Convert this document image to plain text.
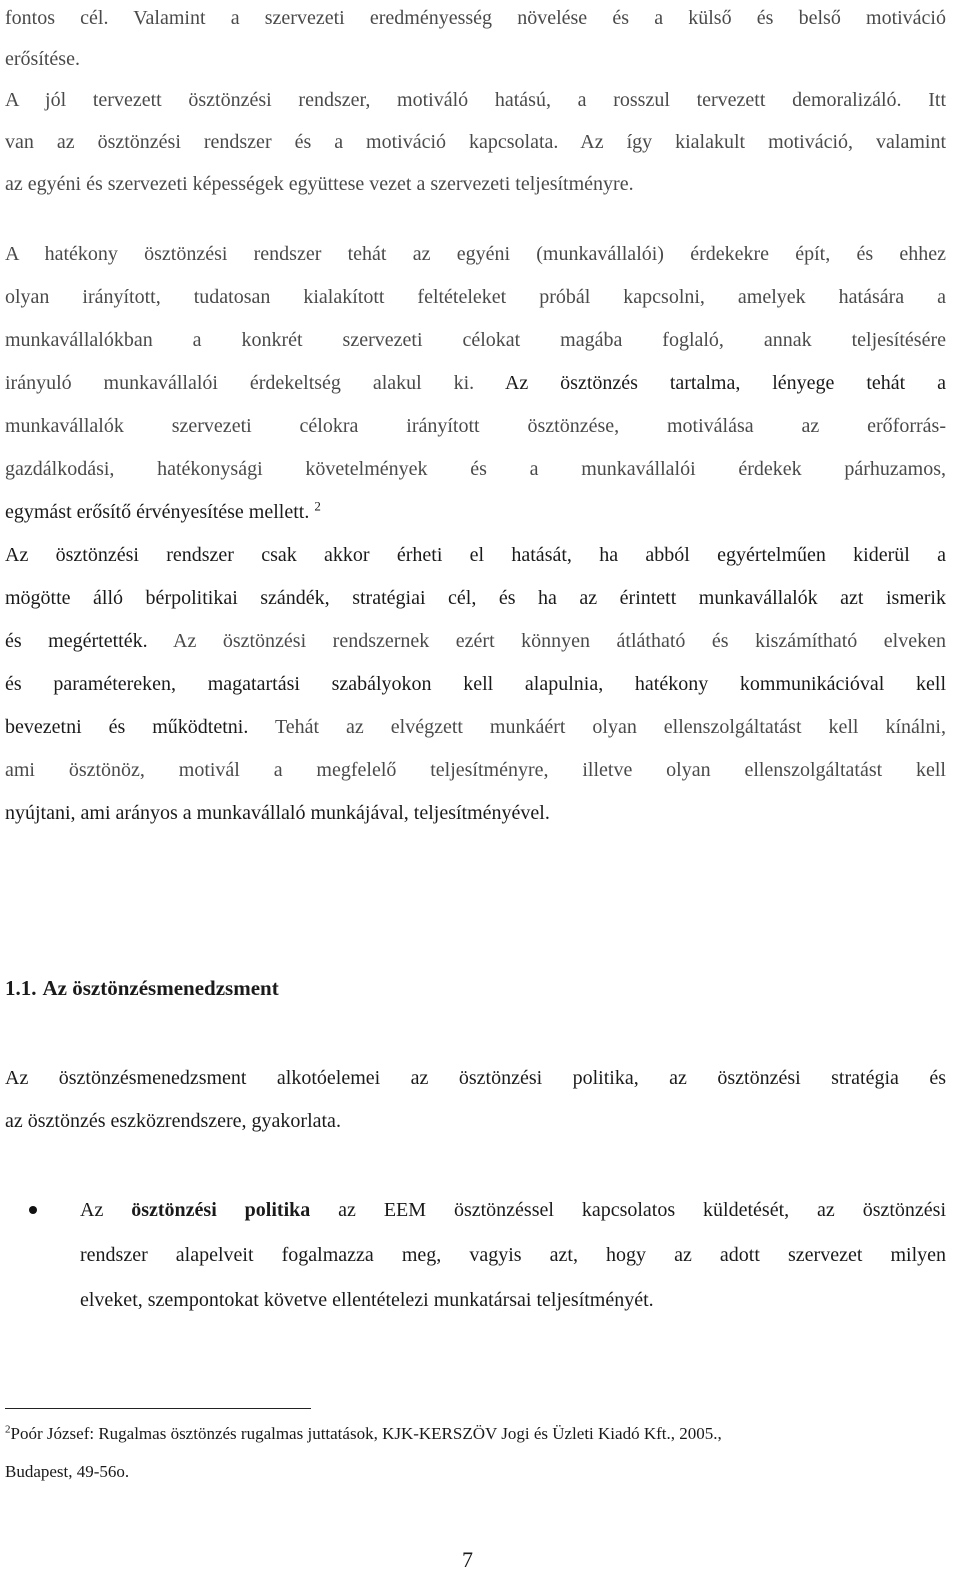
fontos cél. Valamint a szervezeti eredményesség növelése és a külső és belső motiváció
erősítése.
A jól tervezett ösztönzési rendszer, motiváló hatású, a rosszul tervezett demoralizáló. Itt
van az ösztönzési rendszer és a motiváció kapcsolata. Az így kialakult motiváció, valamint
az egyéni és szervezeti képességek együttese vezet a szervezeti teljesítményre.
A hatékony ösztönzési rendszer tehát az egyéni (munkavállalói) érdekekre épít, és ehhez
olyan irányított, tudatosan kialakított feltételeket próbál kapcsolni, amelyek hatására a
munkavállalókban a konkrét szervezeti célokat magába foglaló, annak teljesítésére
irányuló munkavállalói érdekeltség alakul ki. Az ösztönzés tartalma, lényege tehát a
munkavállalók szervezeti célokra irányított ösztönzése, motiválása az erőforrás-
gazdálkodási, hatékonysági követelmények és a munkavállalói érdekek párhuzamos,
egymást erősítő érvényesítése mellett. $^2$
Az ösztönzési rendszer csak akkor érheti el hatását, ha abból egyértelműen kiderül a
mögötte álló bérpolitikai szándék, stratégiai cél, és ha az érintett munkavállalók azt ismerik
és megértették. Az ösztönzési rendszernek ezért könnyen átlátható és kiszámítható elveken
és paramétereken, magatartási szabályokon kell alapulnia, hatékony kommunikációval kell
bevezetni és működtetni. Tehát az elvégzett munkáért olyan ellenszolgáltatást kell kínálni,
ami ösztönöz, motivál a megfelelő teljesítményre, illetve olyan ellenszolgáltatást kell
nyújtani, ami arányos a munkavállaló munkájával, teljesítményével.
1.1. Az ösztönzésmenedzsment
Az ösztönzésmenedzsment alkotóelemei az ösztönzési politika, az ösztönzési stratégia és
az ösztönzés eszközrendszere, gyakorlata.
Az ösztönzési politika az EEM ösztönzéssel kapcsolatos küldetését, az ösztönzési
rendszer alapelveit fogalmazza meg, vagyis azt, hogy az adott szervezet milyen
elveket, szempontokat követve ellentételezi munkatársai teljesítményét.
$^2$Poór József: Rugalmas ösztönzés rugalmas juttatások, KJK-KERSZÖV Jogi és Üzleti Kiadó Kft., 2005.,
Budapest, 49-56o.
7
